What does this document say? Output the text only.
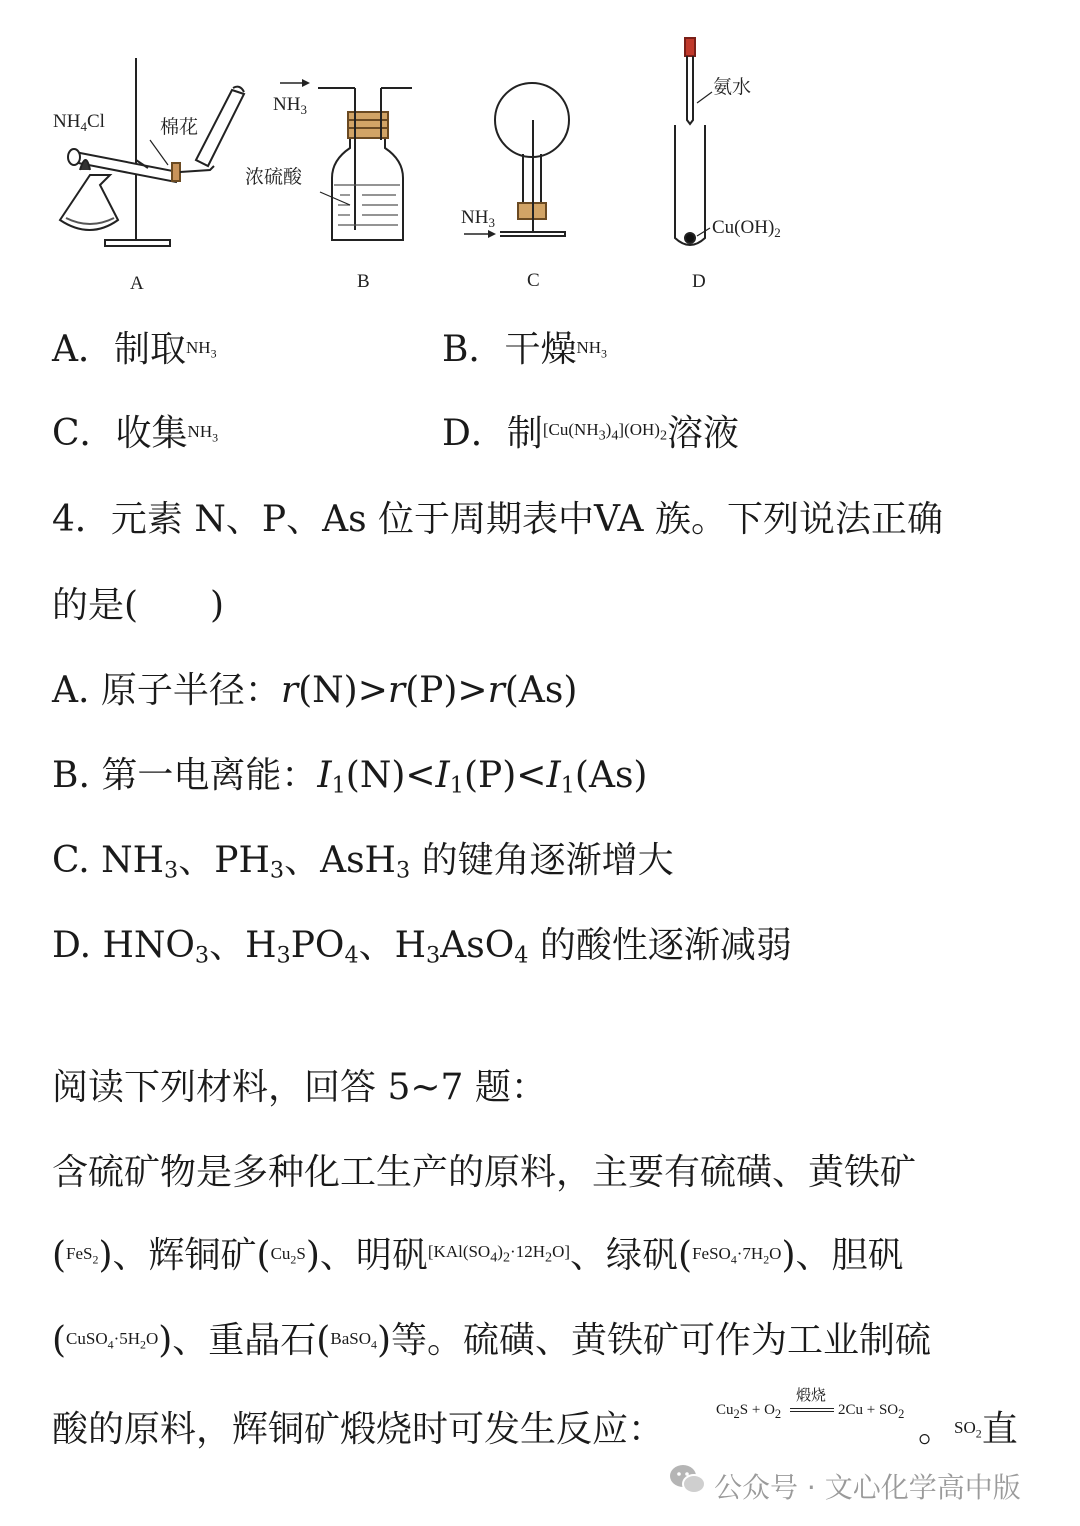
$NH_4Cl$	棉花
$NH_3$
浓硫酸
$NH_3$
氨水
$Cu(OH)_2$
A	B	C	D
A．制取$^{NH_3}$	B．干燥$^{NH_3}$
C．收集$^{NH_3}$	D．制$^{[Cu(NH_3)_4](OH)_2}$溶液
4．元素 N、P、As 位于周期表中VA 族。下列说法正确
的是(　　)
A. 原子半径：r(N)>r(P)>r(As)
B. 第一电离能：$I_1(N)<I_1(P)<I_1(As)$
C. $NH_3$、$PH_3$、AsH$_3$ 的键角逐渐增大
D. $HNO_3$、$H_3PO_4$、$H_3AsO_4$ 的酸性逐渐减弱
阅读下列材料，回答 5~7 题：
含硫矿物是多种化工生产的原料，主要有硫磺、黄铁矿
($^{FeS_2}$)、辉铜矿($^{Cu_2S}$)、明矾[KAl(SO4)2·12H2O]、绿矾($^{FeSO_4\cdot 7H_2O}$)、胆矾
($^{CuSO_4\cdot 5H_2O}$)、重晶石($^{BaSO_4}$)等。硫磺、黄铁矿可作为工业制硫
酸的原料，辉铜矿煅烧时可发生反应：
煅烧
$Cu_2S + O_2$	$2Cu + SO_2$ 。$^{SO_2}$直
公众号 · 文心化学高中版
